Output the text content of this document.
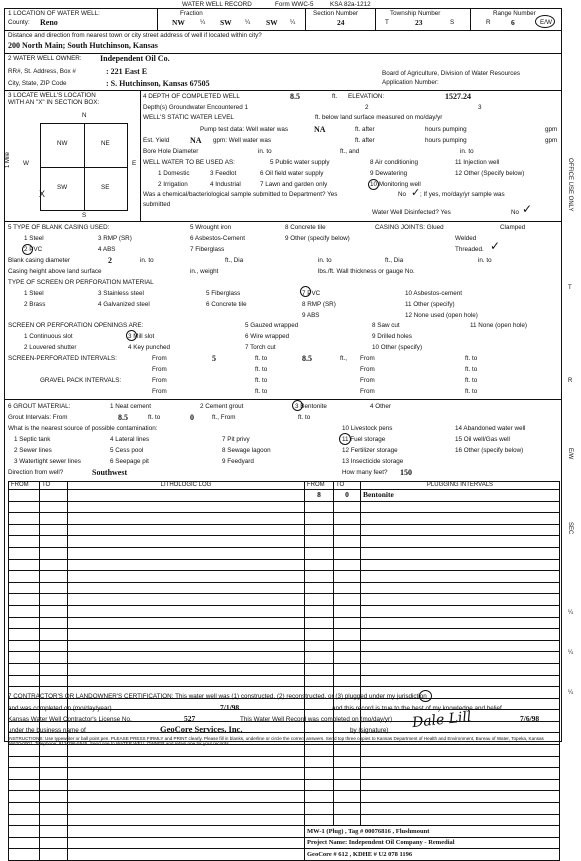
WATER WELL RECORD	Form WWC-5	KSA 82a-1212
1 LOCATION OF WATER WELL:
County: Reno
Fraction
NW ¼ SW ¼ SW ¼
Section Number
24
Township Number
T	23	S
Range Number
R	6	E/W
Distance and direction from nearest town or city street address of well if located within city?
200 North Main; South Hutchinson, Kansas
2 WATER WELL OWNER: Independent Oil Co.
RR#, St. Address, Box #	: 221 East E
City, State, ZIP Code	: S. Hutchinson, Kansas 67505
Board of Agriculture, Division of Water Resources
Application Number:
3 LOCATE WELL'S LOCATION
WITH AN "X" IN SECTION BOX:
N
S
W	E
1 Mile
NW	NE
SW	SE
X
4 DEPTH OF COMPLETED WELL	8.5	ft. ELEVATION:	1527.24
Depth(s) Groundwater Encountered 1	2	3
WELL'S STATIC WATER LEVEL	ft. below land surface measured on mo/day/yr
Pump test data: Well water was	NA	ft. after	hours pumping	gpm
Est. Yield	NA gpm: Well water was	ft. after	hours pumping	gpm
Bore Hole Diameter	in. to	ft., and	in. to
WELL WATER TO BE USED AS:	5 Public water supply	8 Air conditioning	11 Injection well
1 Domestic	3 Feedlot	6 Oil field water supply	9 Dewatering	12 Other (Specify below)
2 Irrigation	4 Industrial	7 Lawn and garden only	10 Monitoring well
Was a chemical/bacteriological sample submitted to Department? Yes	No ✓ ; If yes, mo/day/yr sample was
submitted
Water Well Disinfected? Yes	No ✓
5 TYPE OF BLANK CASING USED:	5 Wrought iron	8 Concrete tile	CASING JOINTS: Glued	Clamped
1 Steel	3 RMP (SR)	6 Asbestos-Cement	9 Other (specify below)	Welded
2 PVC	4 ABS	7 Fiberglass	Threaded. ✓
Blank casing diameter	2	in. to	ft., Dia	in. to	ft., Dia	in. to
Casing height above land surface	in., weight	lbs./ft. Wall thickness or gauge No.
TYPE OF SCREEN OR PERFORATION MATERIAL
1 Steel	3 Stainless steel	5 Fiberglass	7 PVC	10 Asbestos-cement
2 Brass	4 Galvanized steel	6 Concrete tile	8 RMP (SR)	11 Other (specify)
9 ABS	12 None used (open hole)
SCREEN OR PERFORATION OPENINGS ARE:	5 Gauzed wrapped	8 Saw cut	11 None (open hole)
1 Continuous slot	3 Mill slot	6 Wire wrapped	9 Drilled holes
2 Louvered shutter	4 Key punched	7 Torch cut	10 Other (specify)
SCREEN-PERFORATED INTERVALS:	From	5	ft. to	8.5	ft., From	ft. to
From	ft. to	From	ft. to
GRAVEL PACK INTERVALS:	From	ft. to	From	ft. to
From	ft. to	From	ft. to
6 GROUT MATERIAL:	1 Neat cement	2 Cement grout	3 Bentonite	4 Other
Grout Intervals: From	8.5	ft. to	0	ft., From	ft. to
What is the nearest source of possible contamination:	10 Livestock pens	14 Abandoned water well
1 Septic tank	4 Lateral lines	7 Pit privy	11 Fuel storage	15 Oil well/Gas well
2 Sewer lines	5 Cess pool	8 Sewage lagoon	12 Fertilizer storage	16 Other (specify below)
3 Watertight sewer lines	6 Seepage pit	9 Feedyard	13 Insecticide storage
Direction from well?	Southwest	How many feet? 150
FROM	TO	LITHOLOGIC LOG	FROM	TO	PLUGGING INTERVALS
			8	0	Bentonite

			MW-1 (Plug) , Tag # 00076816 , Flushmount		
			Project Name: Independent Oil Company - Remedial		
			GeoCore # 612 , KDHE # U2 078 1196		
7 CONTRACTOR'S OR LANDOWNER'S CERTIFICATION: This water well was (1) constructed, (2) reconstructed, or (3) plugged under my jurisdiction
and was completed on (mo/day/year)	7/1/98	and this record is true to the best of my knowledge and belief.
Kansas Water Well Contractor's License No.	527	This Water Well Record was completed on (mo/day/yr)	7/6/98
under the business name of	GeoCore Services, Inc.	by (signature) Dale Lill
INSTRUCTIONS: Use typewriter or ball point pen. PLEASE PRESS FIRMLY and PRINT clearly. Please fill in blanks, underline or circle the correct answers. Send top three copies to Kansas Department of Health and Environment, Bureau of Water, Topeka, Kansas 66620-0001. Telephone: 913-296-5545. Send one to WATER WELL OWNER and retain one for your records.
OFFICE USE ONLY
T
R
E/W
SEC
¼
¼
¼
